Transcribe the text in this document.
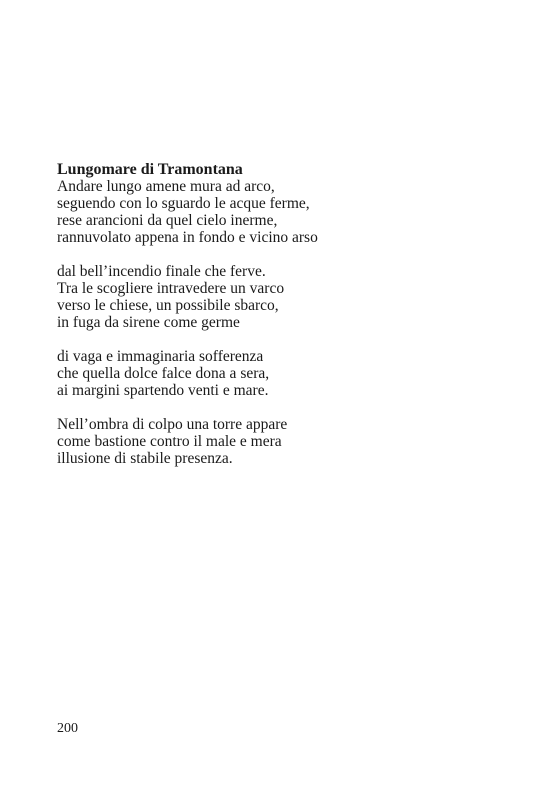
Lungomare di Tramontana
Andare lungo amene mura ad arco,
seguendo con lo sguardo le acque ferme,
rese arancioni da quel cielo inerme,
rannuvolato appena in fondo e vicino arso
dal bell’incendio finale che ferve.
Tra le scogliere intravedere un varco
verso le chiese, un possibile sbarco,
in fuga da sirene come germe
di vaga e immaginaria sofferenza
che quella dolce falce dona a sera,
ai margini spartendo venti e mare.
Nell’ombra di colpo una torre appare
come bastione contro il male e mera
illusione di stabile presenza.
200
